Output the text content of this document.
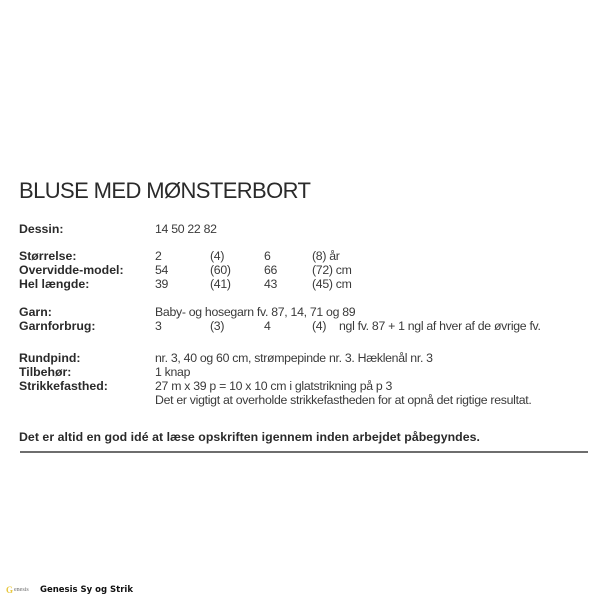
BLUSE MED MØNSTERBORT
Dessin:	14 50 22 82
Størrelse:	2	(4)	6	(8) år
Overvidde-model:	54	(60)	66	(72) cm
Hel længde:	39	(41)	43	(45) cm
Garn:	Baby- og hosegarn fv. 87, 14, 71 og 89
Garnforbrug:	3	(3)	4	(4) ngl fv. 87 + 1 ngl af hver af de øvrige fv.
Rundpind:	nr. 3, 40 og 60 cm, strømpepinde nr. 3. Hæklenål nr. 3
Tilbehør:	1 knap
Strikkefasthed:	27 m x 39 p = 10 x 10 cm i glatstrikning på p 3
Det er vigtigt at overholde strikkefastheden for at opnå det rigtige resultat.
Det er altid en god idé at læse opskriften igennem inden arbejdet påbegyndes.
G enesis Genesis Sy og Strik
